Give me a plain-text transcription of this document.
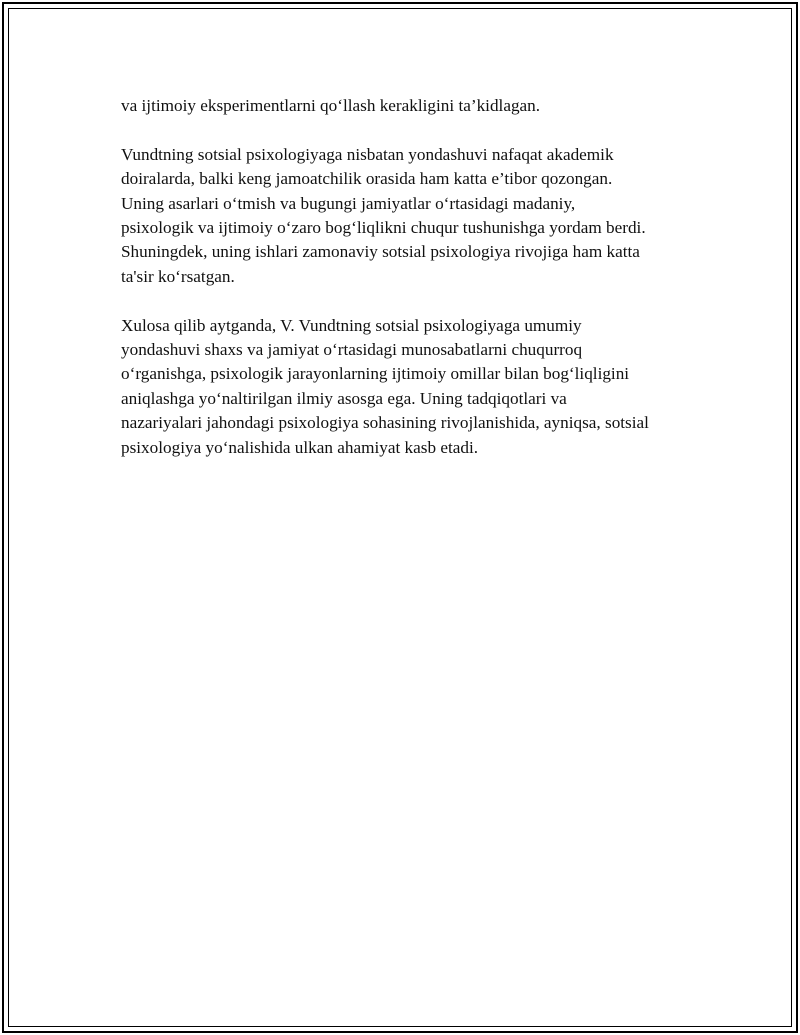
va ijtimoiy eksperimentlarni qo‘llash kerakligini ta’kidlagan.

Vundtning sotsial psixologiyaga nisbatan yondashuvi nafaqat akademik
doiralarda, balki keng jamoatchilik orasida ham katta e’tibor qozongan.
Uning asarlari o‘tmish va bugungi jamiyatlar o‘rtasidagi madaniy,
psixologik va ijtimoiy o‘zaro bog‘liqlikni chuqur tushunishga yordam berdi.
Shuningdek, uning ishlari zamonaviy sotsial psixologiya rivojiga ham katta
ta'sir ko‘rsatgan.

Xulosa qilib aytganda, V. Vundtning sotsial psixologiyaga umumiy
yondashuvi shaxs va jamiyat o‘rtasidagi munosabatlarni chuqurroq
o‘rganishga, psixologik jarayonlarning ijtimoiy omillar bilan bog‘liqligini
aniqlashga yo‘naltirilgan ilmiy asosga ega. Uning tadqiqotlari va
nazariyalari jahondagi psixologiya sohasining rivojlanishida, ayniqsa, sotsial
psixologiya yo‘nalishida ulkan ahamiyat kasb etadi.
